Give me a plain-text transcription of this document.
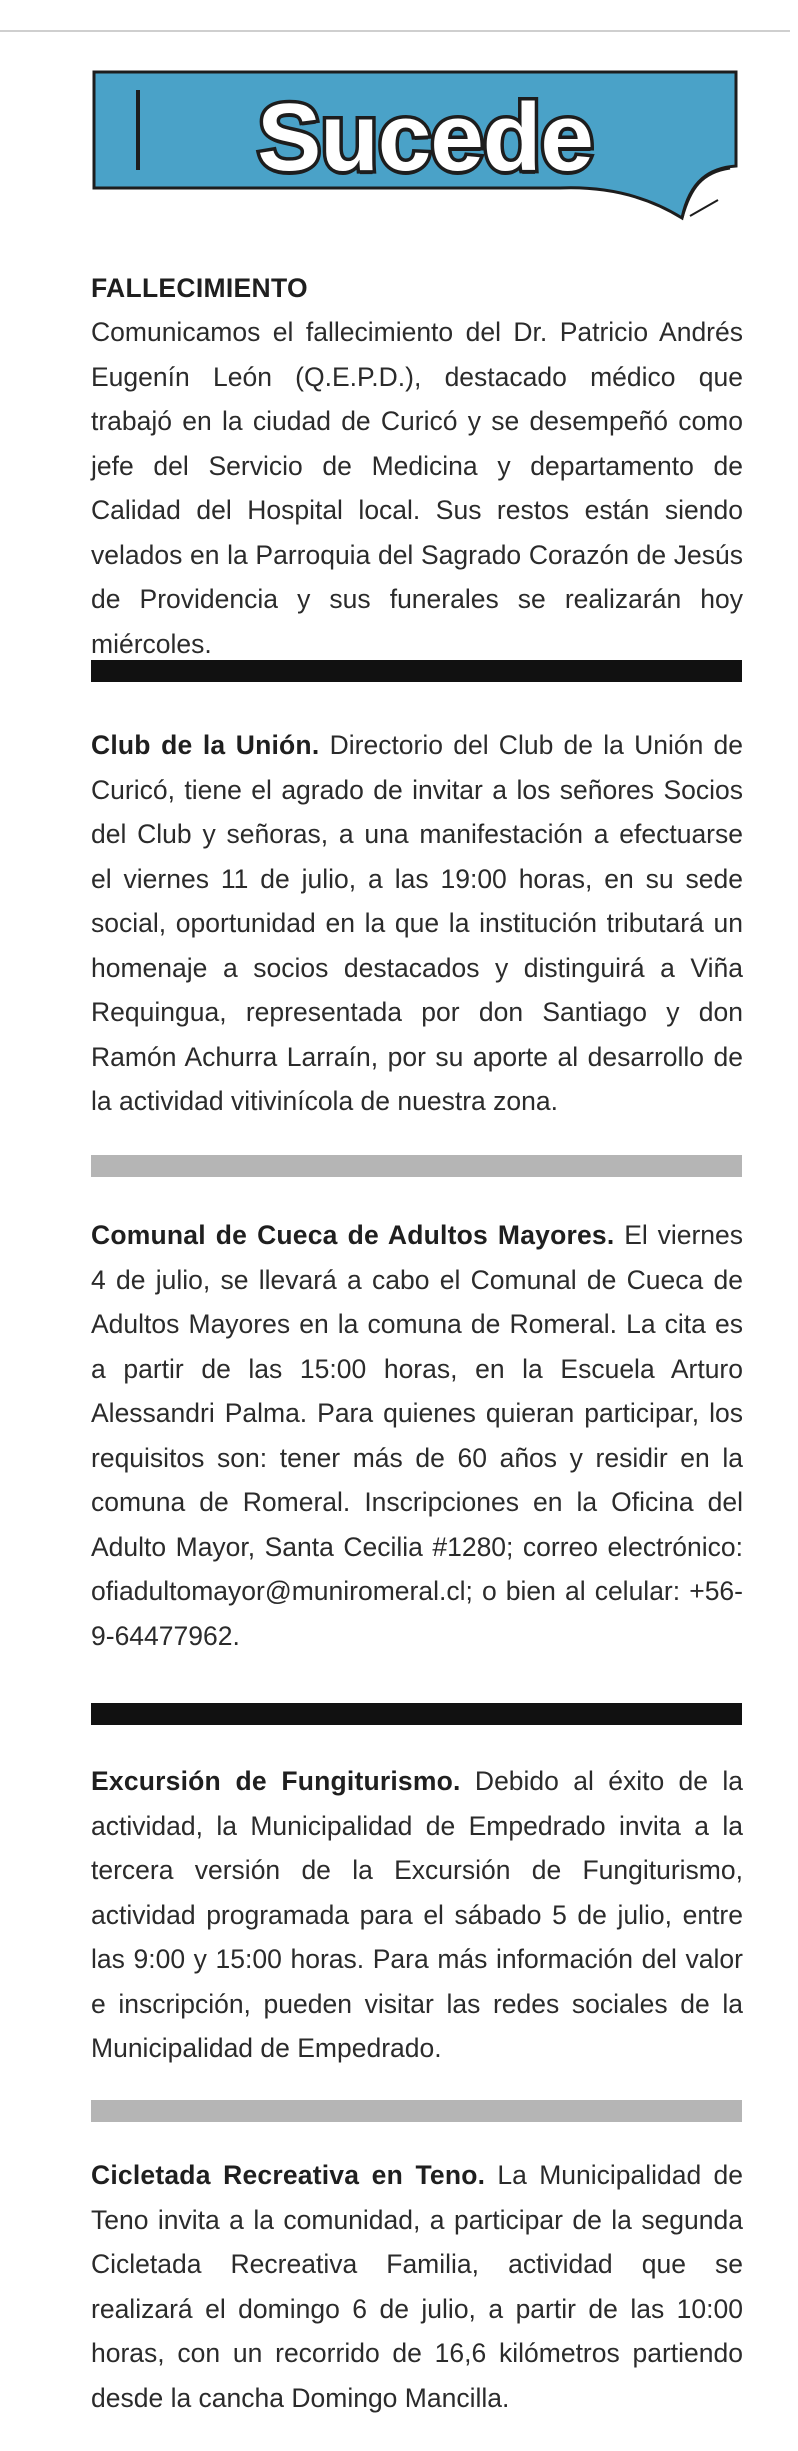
Sucede

FALLECIMIENTO

Comunicamos el fallecimiento del Dr. Patricio Andrés Eugenín León (Q.E.P.D.), destacado médico que trabajó en la ciudad de Curicó y se desempeñó como jefe del Servicio de Medicina y departamento de Calidad del Hospital local. Sus restos están siendo velados en la Parroquia del Sagrado Corazón de Jesús de Providencia y sus funerales se realizarán hoy miércoles.

Club de la Unión. Directorio del Club de la Unión de Curicó, tiene el agrado de invitar a los señores Socios del Club y señoras, a una manifestación a efectuarse el viernes 11 de julio, a las 19:00 horas, en su sede social, oportunidad en la que la institución tributará un homenaje a socios destacados y distinguirá a Viña Requingua, representada por don Santiago y don Ramón Achurra Larraín, por su aporte al desarrollo de la actividad vitivinícola de nuestra zona.

Comunal de Cueca de Adultos Mayores. El viernes 4 de julio, se llevará a cabo el Comunal de Cueca de Adultos Mayores en la comuna de Romeral. La cita es a partir de las 15:00 horas, en la Escuela Arturo Alessandri Palma. Para quienes quieran participar, los requisitos son: tener más de 60 años y residir en la comuna de Romeral. Inscripciones en la Oficina del Adulto Mayor, Santa Cecilia #1280; correo electrónico: ofiadultomayor@muniromeral.cl; o bien al celular: +56-9-64477962.

Excursión de Fungiturismo. Debido al éxito de la actividad, la Municipalidad de Empedrado invita a la tercera versión de la Excursión de Fungiturismo, actividad programada para el sábado 5 de julio, entre las 9:00 y 15:00 horas. Para más información del valor e inscripción, pueden visitar las redes sociales de la Municipalidad de Empedrado.

Cicletada Recreativa en Teno. La Municipalidad de Teno invita a la comunidad, a participar de la segunda Cicletada Recreativa Familia, actividad que se realizará el domingo 6 de julio, a partir de las 10:00 horas, con un recorrido de 16,6 kilómetros partiendo desde la cancha Domingo Mancilla.
